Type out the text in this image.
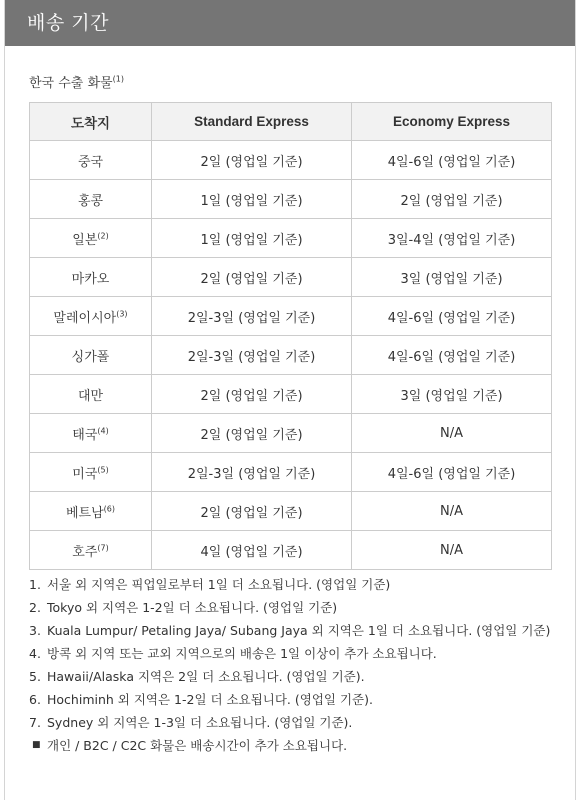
배송 기간
한국 수출 화물$^{(1)}$
도착지	Standard Express	Economy Express
중국	2일 (영업일 기준)	4일-6일 (영업일 기준)
홍콩	1일 (영업일 기준)	2일 (영업일 기준)
일본$^{(2)}$	1일 (영업일 기준)	3일-4일 (영업일 기준)
마카오	2일 (영업일 기준)	3일 (영업일 기준)
말레이시아$^{(3)}$	2일-3일 (영업일 기준)	4일-6일 (영업일 기준)
싱가폴	2일-3일 (영업일 기준)	4일-6일 (영업일 기준)
대만	2일 (영업일 기준)	3일 (영업일 기준)
태국$^{(4)}$	2일 (영업일 기준)	N/A
미국$^{(5)}$	2일-3일 (영업일 기준)	4일-6일 (영업일 기준)
베트남$^{(6)}$	2일 (영업일 기준)	N/A
호주$^{(7)}$	4일 (영업일 기준)	N/A
1. 서울 외 지역은 픽업일로부터 1일 더 소요됩니다. (영업일 기준)
2. Tokyo 외 지역은 1-2일 더 소요됩니다. (영업일 기준)
3. Kuala Lumpur/ Petaling Jaya/ Subang Jaya 외 지역은 1일 더 소요됩니다. (영업일 기준)
4. 방콕 외 지역 또는 교외 지역으로의 배송은 1일 이상이 추가 소요됩니다.
5. Hawaii/Alaska 지역은 2일 더 소요됩니다. (영업일 기준).
6. Hochiminh 외 지역은 1-2일 더 소요됩니다. (영업일 기준).
7. Sydney 외 지역은 1-3일 더 소요됩니다. (영업일 기준).
■ 개인 / B2C / C2C 화물은 배송시간이 추가 소요됩니다.
